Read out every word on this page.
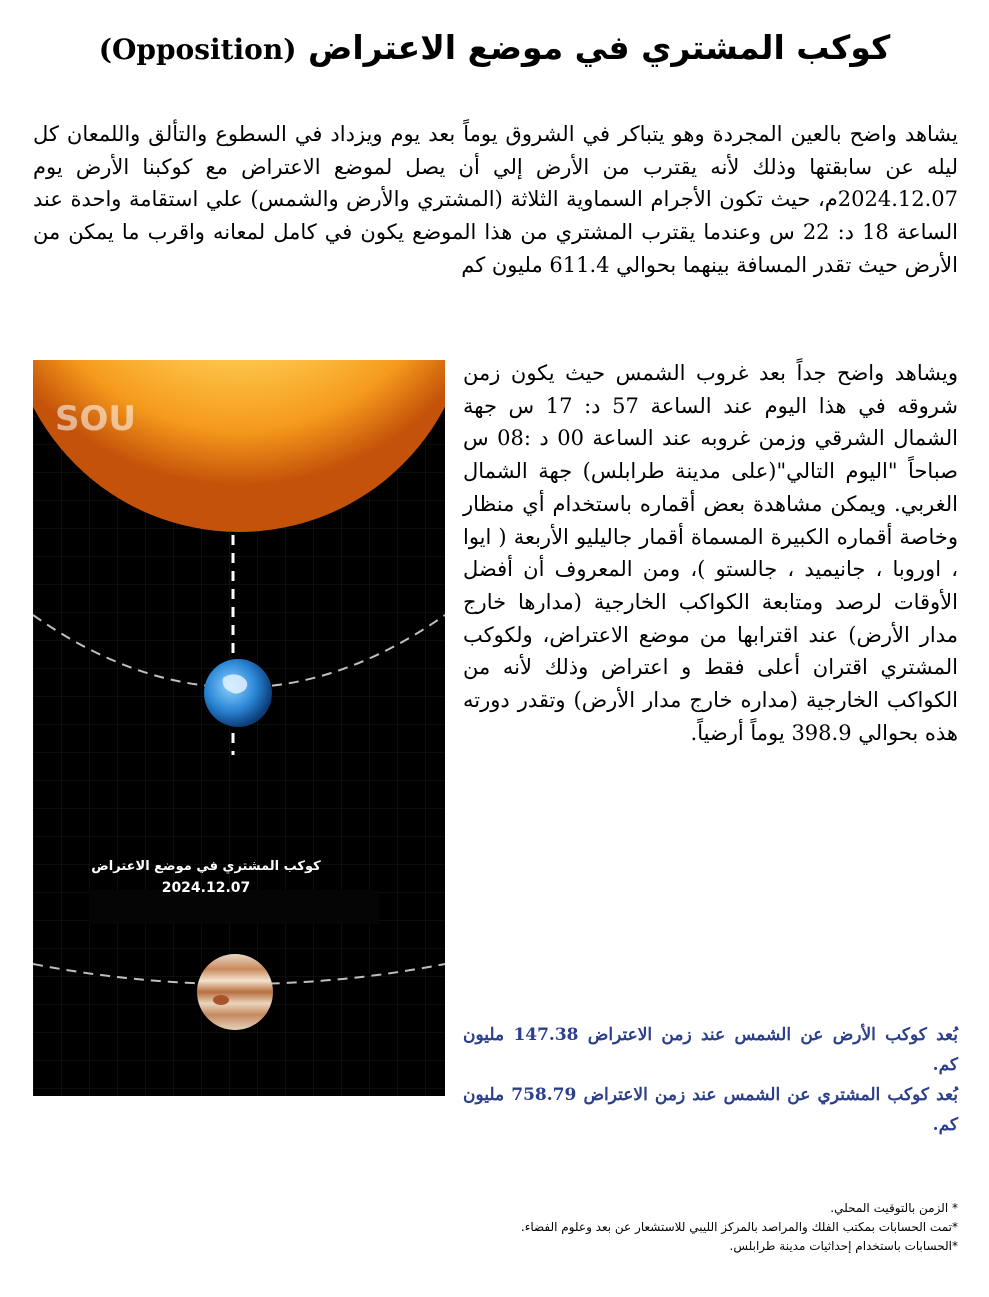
كوكب المشتري في موضع الاعتراض (Opposition)

يشاهد واضح بالعين المجردة وهو يتباكر في الشروق يوماً بعد يوم ويزداد في السطوع والتألق واللمعان كل ليله عن سابقتها وذلك لأنه يقترب من الأرض إلي أن يصل لموضع الاعتراض مع كوكبنا الأرض يوم 2024.12.07م، حيث تكون الأجرام السماوية الثلاثة (المشتري والأرض والشمس) علي استقامة واحدة عند الساعة 18 د: 22 س وعندما يقترب المشتري من هذا الموضع يكون في كامل لمعانه واقرب ما يمكن من الأرض حيث تقدر المسافة بينهما بحوالي 611.4 مليون كم

SOU
كوكب المشتري في موضع الاعتراض
2024.12.07

ويشاهد واضح جداً بعد غروب الشمس حيث يكون زمن شروقه في هذا اليوم عند الساعة 57 د: 17 س جهة الشمال الشرقي وزمن غروبه عند الساعة 00 د :08 س صباحاً "اليوم التالي"(على مدينة طرابلس) جهة الشمال الغربي. ويمكن مشاهدة بعض أقماره باستخدام أي منظار وخاصة أقماره الكبيرة المسماة أقمار جاليليو الأربعة ( ايوا ، اوروبا ، جانيميد ، جالستو )، ومن المعروف أن أفضل الأوقات لرصد ومتابعة الكواكب الخارجية (مدارها خارج مدار الأرض) عند اقترابها من موضع الاعتراض، ولكوكب المشتري اقتران أعلى فقط و اعتراض وذلك لأنه من الكواكب الخارجية (مداره خارج مدار الأرض) وتقدر دورته هذه بحوالي 398.9 يوماً أرضياً.

بُعد كوكب الأرض عن الشمس عند زمن الاعتراض 147.38 مليون كم.

بُعد كوكب المشتري عن الشمس عند زمن الاعتراض 758.79 مليون كم.

* الزمن بالتوقيت المحلي.

*تمت الحسابات بمكتب الفلك والمراصد بالمركز الليبي للاستشعار عن بعد وعلوم الفضاء.

*الحسابات باستخدام إحداثيات مدينة طرابلس.
